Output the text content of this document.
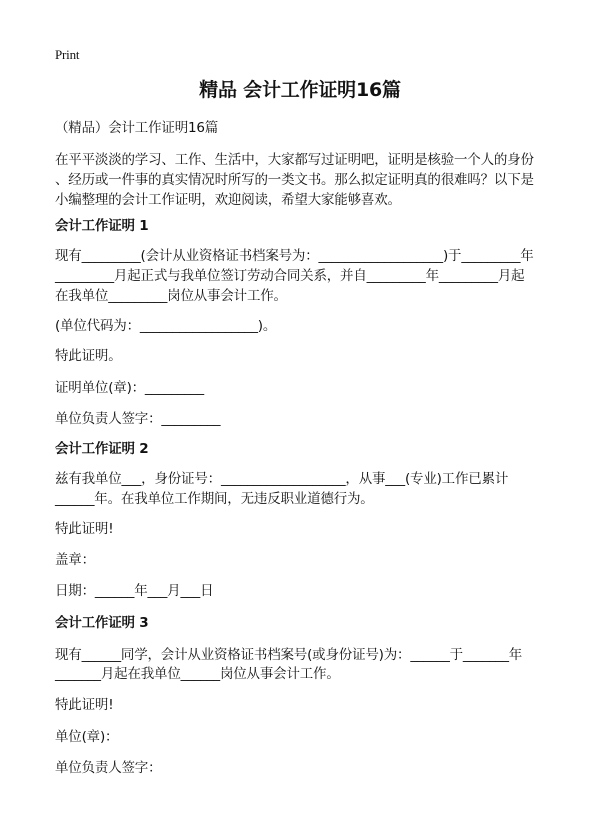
Print
精品 会计工作证明16篇
（精品）会计工作证明16篇
在平平淡淡的学习、工作、生活中，大家都写过证明吧，证明是核验一个人的身份
、经历或一件事的真实情况时所写的一类文书。那么拟定证明真的很难吗？以下是
小编整理的会计工作证明，欢迎阅读，希望大家能够喜欢。
会计工作证明 1
现有_________(会计从业资格证书档案号为：___________________)于_________年
_________月起正式与我单位签订劳动合同关系，并自_________年_________月起
在我单位_________岗位从事会计工作。
(单位代码为：__________________)。
特此证明。
证明单位(章)：_________
单位负责人签字：_________
会计工作证明 2
兹有我单位___，身份证号：___________________，从事___(专业)工作已累计
______年。在我单位工作期间，无违反职业道德行为。
特此证明!
盖章：
日期：______年___月___日
会计工作证明 3
现有______同学，会计从业资格证书档案号(或身份证号)为：______于_______年
_______月起在我单位______岗位从事会计工作。
特此证明!
单位(章)：
单位负责人签字：
